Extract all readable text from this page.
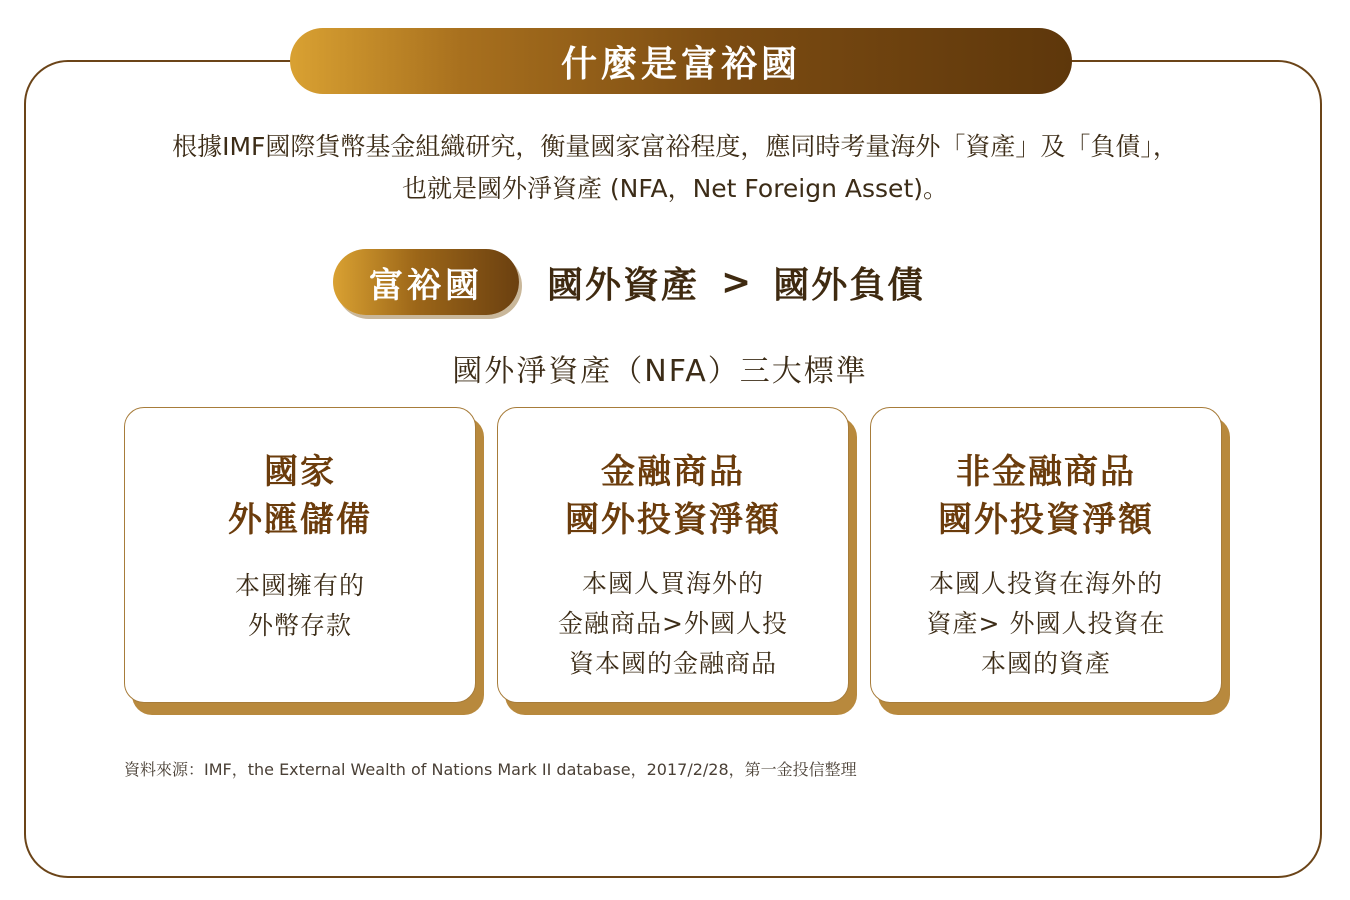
什麼是富裕國
根據IMF國際貨幣基金組織研究，衡量國家富裕程度，應同時考量海外「資產」及「負債」，
也就是國外淨資產 (NFA，Net Foreign Asset)。
富裕國	國外資產 > 國外負債
國外淨資產（NFA）三大標準
國家
外匯儲備
本國擁有的
外幣存款
金融商品
國外投資淨額
本國人買海外的
金融商品>外國人投
資本國的金融商品
非金融商品
國外投資淨額
本國人投資在海外的
資產> 外國人投資在
本國的資產
資料來源：IMF，the External Wealth of Nations Mark II database，2017/2/28，第一金投信整理
